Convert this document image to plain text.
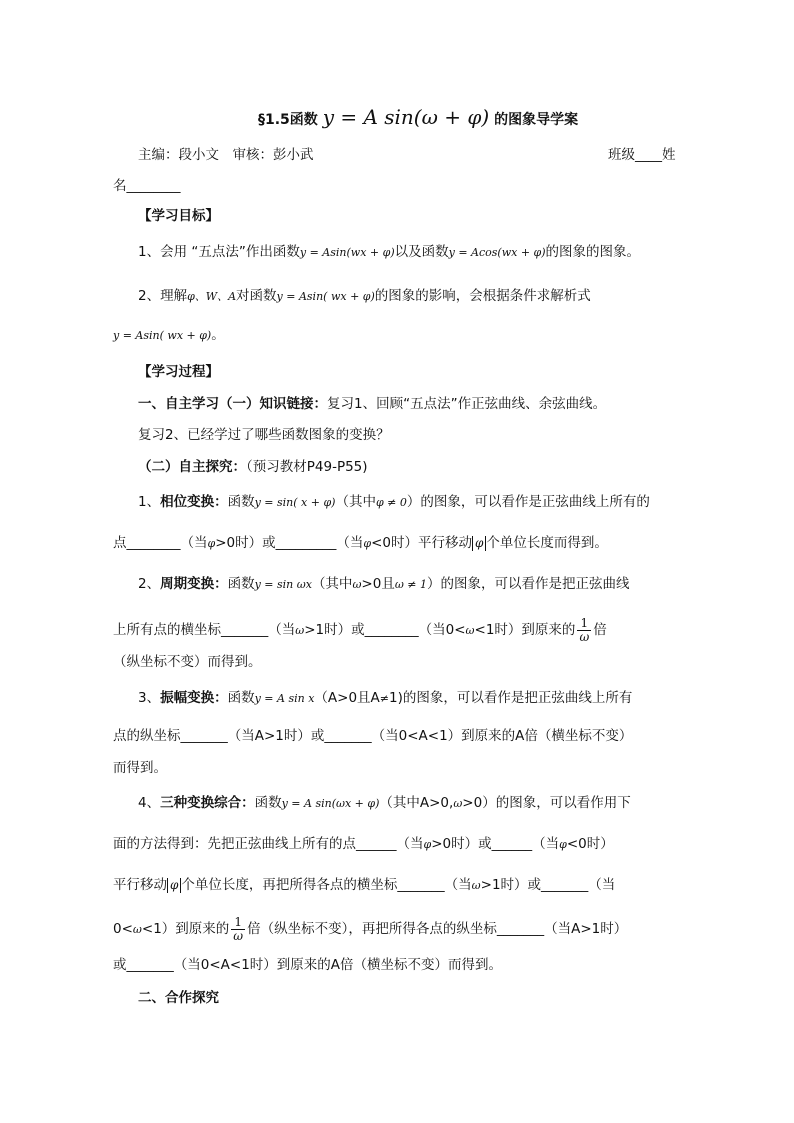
§1.5函数 y = A sin(ω + φ) 的图象导学案
主编：段小文　审核：彭小武	班级____姓
名________
【学习目标】
1、会用 “五点法”作出函数y = Asin(wx + φ)以及函数y = Acos(wx + φ)的图象的图象。
2、理解φ、W、A对函数y = Asin( wx + φ)的图象的影响，会根据条件求解析式
y = Asin( wx + φ)。
【学习过程】
一、自主学习（一）知识链接：复习1、回顾“五点法”作正弦曲线、余弦曲线。
复习2、已经学过了哪些函数图象的变换？
（二）自主探究：（预习教材P49-P55)
1、相位变换：函数y = sin( x + φ)（其中φ ≠ 0）的图象，可以看作是正弦曲线上所有的
点________（当φ>0时）或_________（当φ<0时）平行移动 φ 个单位长度而得到。
2、周期变换：函数y = sin ωx（其中ω>0且ω ≠ 1）的图象，可以看作是把正弦曲线
上所有点的横坐标_______（当ω>1时）或________（当0<ω<1时）到原来的 $\frac{1}{\omega}$ 倍
（纵坐标不变）而得到。
3、振幅变换：函数y = A sin x（A>0且A≠1)的图象，可以看作是把正弦曲线上所有
点的纵坐标_______（当A>1时）或_______（当0<A<1）到原来的A倍（横坐标不变）
而得到。
4、三种变换综合：函数y = A sin(ωx + φ)（其中A>0,ω>0）的图象，可以看作用下
面的方法得到：先把正弦曲线上所有的点______（当φ>0时）或______（当φ<0时）
平行移动 φ 个单位长度，再把所得各点的横坐标_______（当ω>1时）或_______（当
0<ω<1）到原来的 $\frac{1}{\omega}$ 倍（纵坐标不变），再把所得各点的纵坐标_______（当A>1时）
或_______（当0<A<1时）到原来的A倍（横坐标不变）而得到。
二、合作探究
